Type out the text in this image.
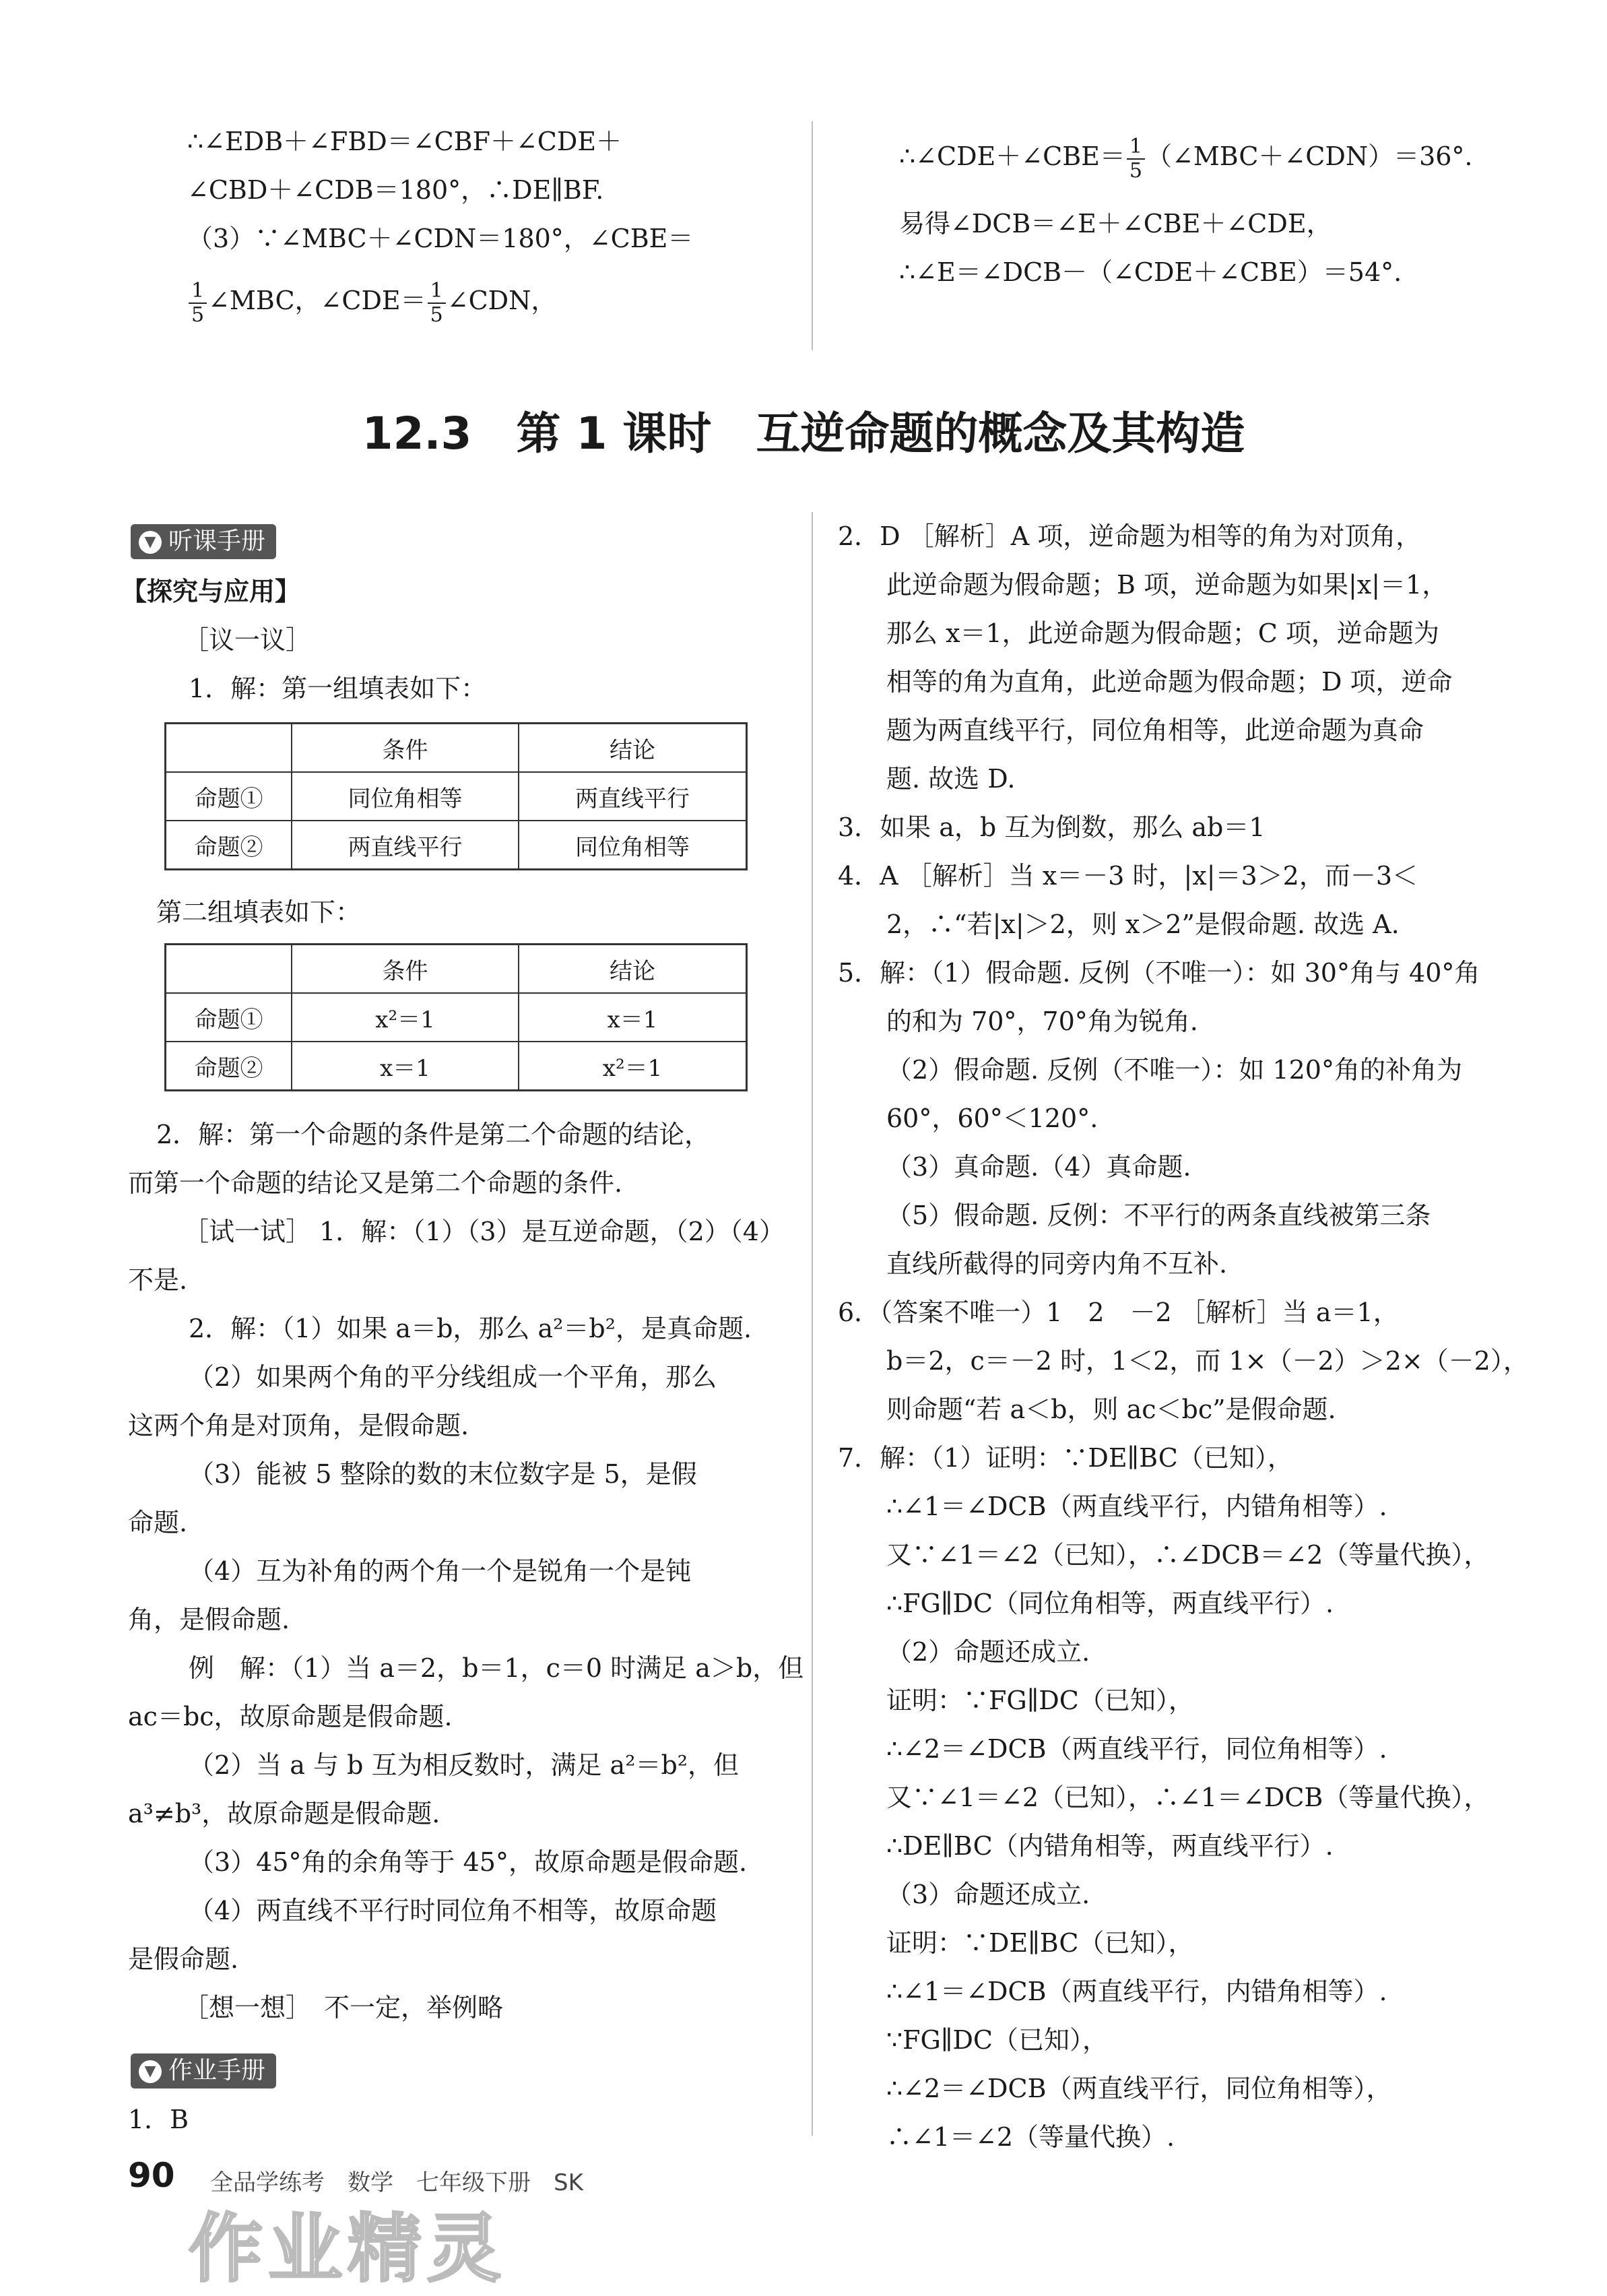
∴∠EDB＋∠FBD＝∠CBF＋∠CDE＋
∠CBD＋∠CDB＝180°，∴DE∥BF.
（3）∵∠MBC＋∠CDN＝180°，∠CBE＝
$\frac{1}{5}$ ∠MBC，∠CDE＝ $\frac{1}{5}$ ∠CDN，
∴∠CDE＋∠CBE＝ $\frac{1}{5}$ （∠MBC＋∠CDN）＝36°.
易得∠DCB＝∠E＋∠CBE＋∠CDE，
∴∠E＝∠DCB－（∠CDE＋∠CBE）＝54°.
12.3　第 1 课时　互逆命题的概念及其构造
▼ 听课手册
【探究与应用】
［议一议］
1．解：第一组填表如下：
	条件	结论
命题①	同位角相等	两直线平行
命题②	两直线平行	同位角相等
第二组填表如下：
	条件	结论
命题①	x²＝1	x＝1
命题②	x＝1	x²＝1
2．解：第一个命题的条件是第二个命题的结论，
而第一个命题的结论又是第二个命题的条件.
［试一试］ 1．解：（1）（3）是互逆命题，（2）（4）
不是.
2．解：（1）如果 a＝b，那么 a²＝b²，是真命题.
（2）如果两个角的平分线组成一个平角，那么
这两个角是对顶角，是假命题.
（3）能被 5 整除的数的末位数字是 5，是假
命题.
（4）互为补角的两个角一个是锐角一个是钝
角，是假命题.
例　解：（1）当 a＝2，b＝1，c＝0 时满足 a＞b，但
ac＝bc，故原命题是假命题.
（2）当 a 与 b 互为相反数时，满足 a²＝b²，但
a³≠b³，故原命题是假命题.
（3）45°角的余角等于 45°，故原命题是假命题.
（4）两直线不平行时同位角不相等，故原命题
是假命题.
［想一想］　不一定，举例略
▼ 作业手册
1．B
2．D ［解析］A 项，逆命题为相等的角为对顶角，
此逆命题为假命题；B 项，逆命题为如果|x|＝1，
那么 x＝1，此逆命题为假命题；C 项，逆命题为
相等的角为直角，此逆命题为假命题；D 项，逆命
题为两直线平行，同位角相等，此逆命题为真命
题. 故选 D.
3．如果 a，b 互为倒数，那么 ab＝1
4．A ［解析］当 x＝－3 时，|x|＝3＞2，而－3＜
2，∴“若|x|＞2，则 x＞2”是假命题. 故选 A.
5．解：（1）假命题. 反例（不唯一）：如 30°角与 40°角
的和为 70°，70°角为锐角.
（2）假命题. 反例（不唯一）：如 120°角的补角为
60°，60°＜120°.
（3）真命题.（4）真命题.
（5）假命题. 反例：不平行的两条直线被第三条
直线所截得的同旁内角不互补.
6．（答案不唯一）1　2　－2 ［解析］当 a＝1，
b＝2，c＝－2 时，1＜2，而 1×（－2）＞2×（－2），
则命题“若 a＜b，则 ac＜bc”是假命题.
7．解：（1）证明：∵DE∥BC（已知），
∴∠1＝∠DCB（两直线平行，内错角相等）.
又∵∠1＝∠2（已知），∴∠DCB＝∠2（等量代换），
∴FG∥DC（同位角相等，两直线平行）.
（2）命题还成立.
证明：∵FG∥DC（已知），
∴∠2＝∠DCB（两直线平行，同位角相等）.
又∵∠1＝∠2（已知），∴∠1＝∠DCB（等量代换），
∴DE∥BC（内错角相等，两直线平行）.
（3）命题还成立.
证明：∵DE∥BC（已知），
∴∠1＝∠DCB（两直线平行，内错角相等）.
∵FG∥DC（已知），
∴∠2＝∠DCB（两直线平行，同位角相等），
∴∠1＝∠2（等量代换）.
90 全品学练考　数学　七年级下册　SK
作业精灵
